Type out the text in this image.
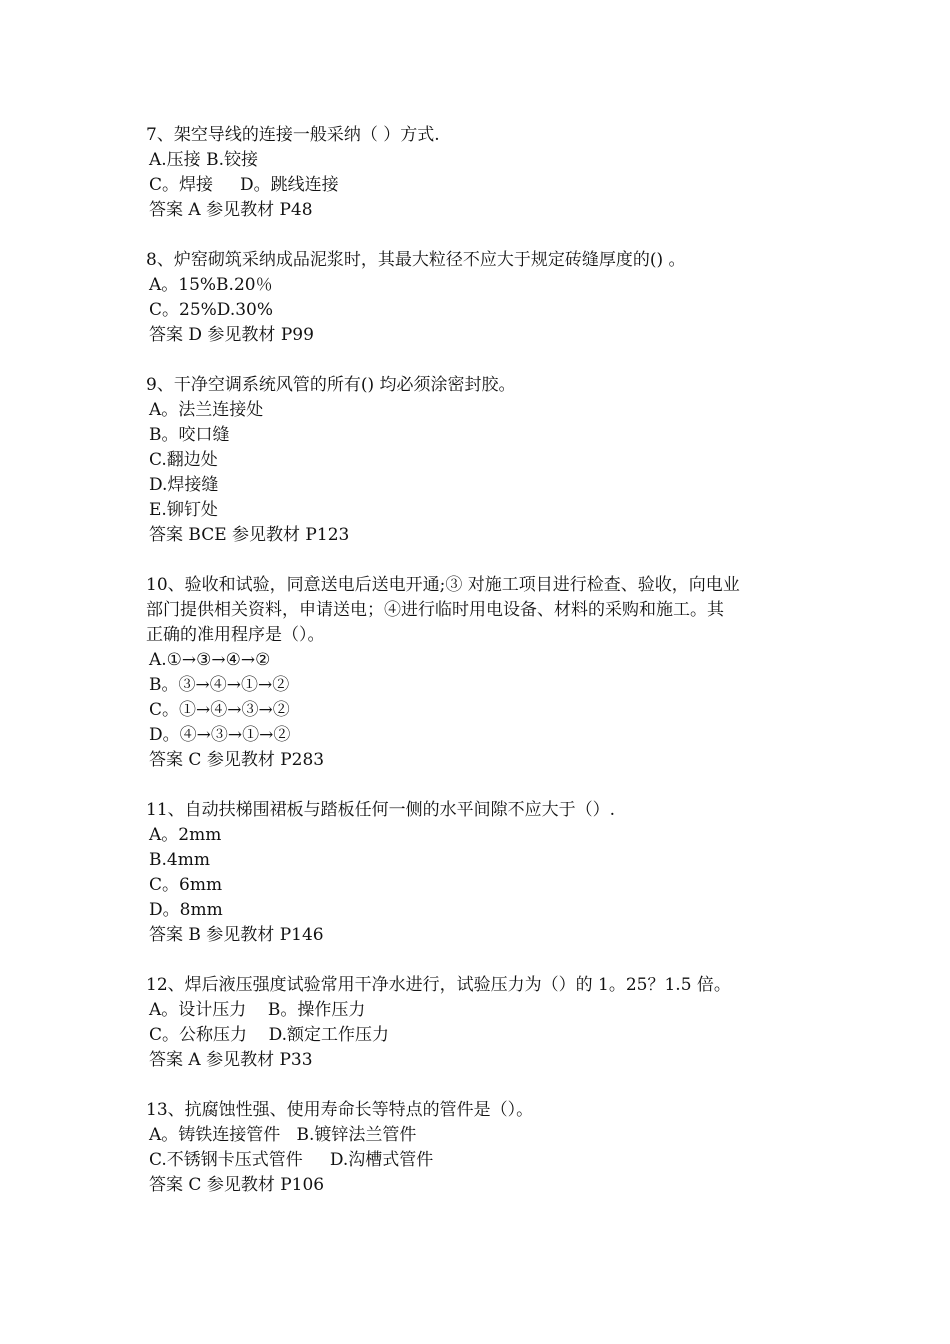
7、架空导线的连接一般采纳（ ）方式.
A.压接 B.铰接
C。焊接     D。跳线连接
答案 A 参见教材 P48
8、炉窑砌筑采纳成品泥浆时，其最大粒径不应大于规定砖缝厚度的() 。
A。15%B.20％
C。25%D.30%
答案 D 参见教材 P99
9、干净空调系统风管的所有() 均必须涂密封胶。
A。法兰连接处
B。咬口缝
C.翻边处
D.焊接缝
E.铆钉处
答案 BCE 参见教材 P123
10、验收和试验，同意送电后送电开通;③ 对施工项目进行检查、验收，向电业
部门提供相关资料，申请送电；④进行临时用电设备、材料的采购和施工。其
正确的准用程序是（）。
A.①→③→④→②
B。③→④→①→②
C。①→④→③→②
D。④→③→①→②
答案 C 参见教材 P283
11、自动扶梯围裙板与踏板任何一侧的水平间隙不应大于（）.
A。2mm
B.4mm
C。6mm
D。8mm
答案 B 参见教材 P146
12、焊后液压强度试验常用干净水进行，试验压力为（）的 1。25？1.5 倍。
A。设计压力    B。操作压力
C。公称压力    D.额定工作压力
答案 A 参见教材 P33
13、抗腐蚀性强、使用寿命长等特点的管件是（）。
A。铸铁连接管件   B.镀锌法兰管件
C.不锈钢卡压式管件     D.沟槽式管件
答案 C 参见教材 P106
